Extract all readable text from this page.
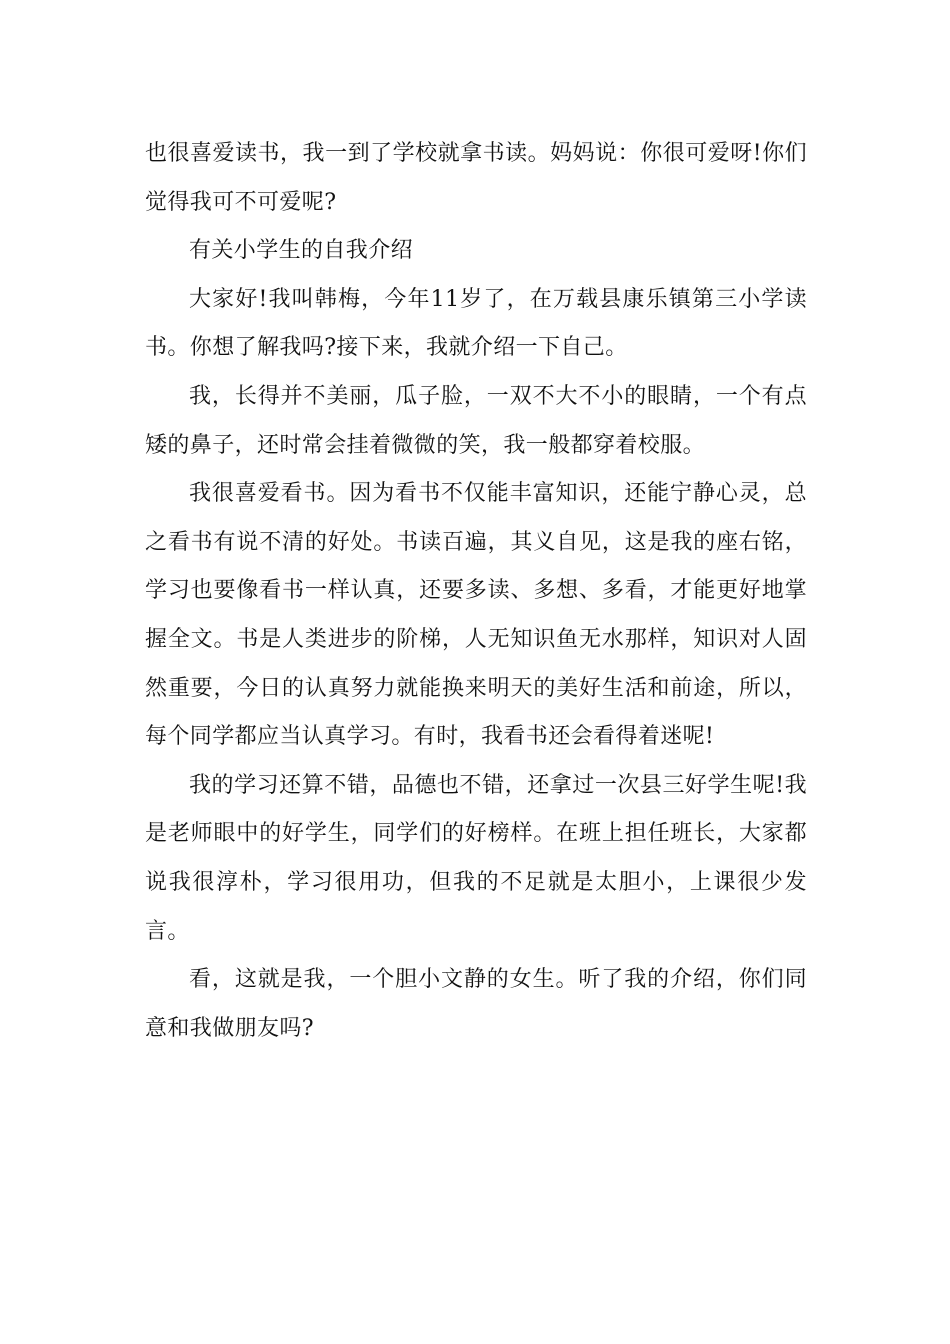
也很喜爱读书，我一到了学校就拿书读。妈妈说：你很可爱呀!你们觉得我可不可爱呢?

有关小学生的自我介绍

大家好!我叫韩梅，今年11岁了，在万载县康乐镇第三小学读书。你想了解我吗?接下来，我就介绍一下自己。

我，长得并不美丽，瓜子脸，一双不大不小的眼睛，一个有点矮的鼻子，还时常会挂着微微的笑，我一般都穿着校服。

我很喜爱看书。因为看书不仅能丰富知识，还能宁静心灵，总之看书有说不清的好处。书读百遍，其义自见，这是我的座右铭，学习也要像看书一样认真，还要多读、多想、多看，才能更好地掌握全文。书是人类进步的阶梯，人无知识鱼无水那样，知识对人固然重要，今日的认真努力就能换来明天的美好生活和前途，所以，每个同学都应当认真学习。有时，我看书还会看得着迷呢!

我的学习还算不错，品德也不错，还拿过一次县三好学生呢!我是老师眼中的好学生，同学们的好榜样。在班上担任班长，大家都说我很淳朴，学习很用功，但我的不足就是太胆小，上课很少发言。

看，这就是我，一个胆小文静的女生。听了我的介绍，你们同意和我做朋友吗?
